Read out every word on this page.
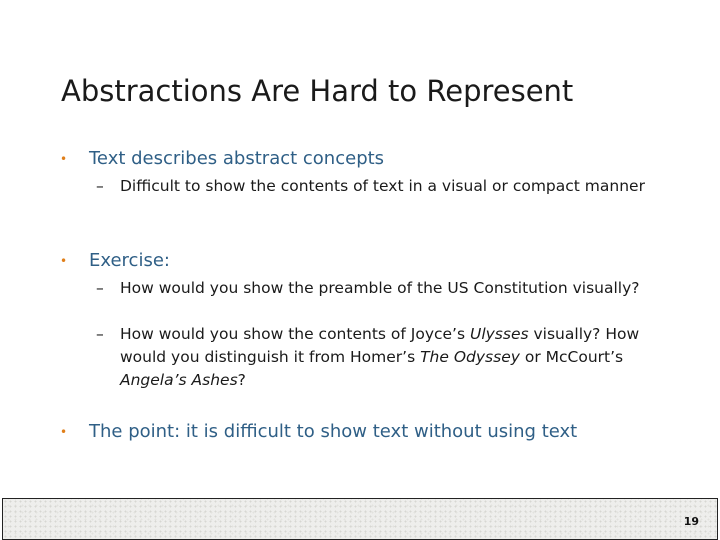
Abstractions Are Hard to Represent
• Text describes abstract concepts
– Difficult to show the contents of text in a visual or compact manner
• Exercise:
– How would you show the preamble of the US Constitution visually?
– How would you show the contents of Joyce’s Ulysses visually? How would you distinguish it from Homer’s The Odyssey or McCourt’s Angela’s Ashes?
• The point: it is difficult to show text without using text
19
